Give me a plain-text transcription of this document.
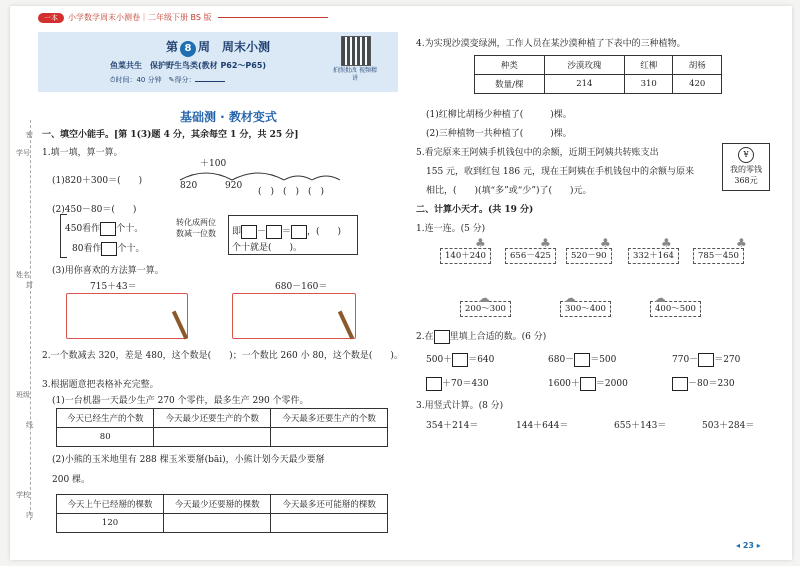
一本 小学数学周末小测卷｜二年级下册 BS 版
第 8 周　周末小测
鱼菜共生　保护野生鸟类(教材 P62～P65)
⏱时间：40 分钟　 ✎得分：
拍照批改 视频精讲
学号
姓名
班级
学校
密
封
线
内
基础测 · 教材变式
一、填空小能手。[第 1(3)题 4 分，其余每空 1 分，共 25 分]
1.填一填，算一算。
(1)820＋300＝(　　)
＋100
820	920
(　)　(　)　(　)
(2)450－80＝(　　)
450看作 个十。
80看作 个十。
转化成两位
数减一位数 即 － ＝ ，(　　)
个十就是(　　)。
(3)用你喜欢的方法算一算。
715＋43＝	680－160＝
2.一个数减去 320，差是 480，这个数是(　　)；一个数比 260 小 80，这个数是(　　)。
3.根据题意把表格补充完整。
(1)一台机器一天最少生产 270 个零件，最多生产 290 个零件。
今天已经生产的个数	今天最少还要生产的个数	今天最多还要生产的个数
80		
(2)小熊的玉米地里有 288 棵玉米要掰(bāi)，小熊计划今天最少要掰
200 棵。
今天上午已经掰的棵数	今天最少还要掰的棵数	今天最多还可能掰的棵数
120		
4.为实现沙漠变绿洲，工作人员在某沙漠种植了下表中的三种植物。
种类	沙漠玫瑰	红柳	胡杨
数量/棵	214	310	420
(1)红柳比胡杨少种植了(　　　)棵。
(2)三种植物一共种植了(　　　)棵。
5.看完原来王阿姨手机钱包中的余额，近期王阿姨共转账支出
155 元，收到红包 186 元，现在王阿姨在手机钱包中的余额与原来
相比，(　　)(填“多”或“少”)了(　　)元。
¥
我的零钱
368元
二、计算小天才。(共 19 分)
1.连一连。(5 分)
140＋240	656－425	520－90	332＋164	785－450
♣	♣	♣	♣	♣
200～300	300～400	400～500
☁	☁	☁
2.在 里填上合适的数。(6 分)
500＋ ＝640	680－ ＝500	770－ ＝270
＋70＝430	1600＋ ＝2000	－80＝230
3.用竖式计算。(8 分)
354＋214＝	144＋644＝	655＋143＝	503＋284＝
◂ 23 ▸
